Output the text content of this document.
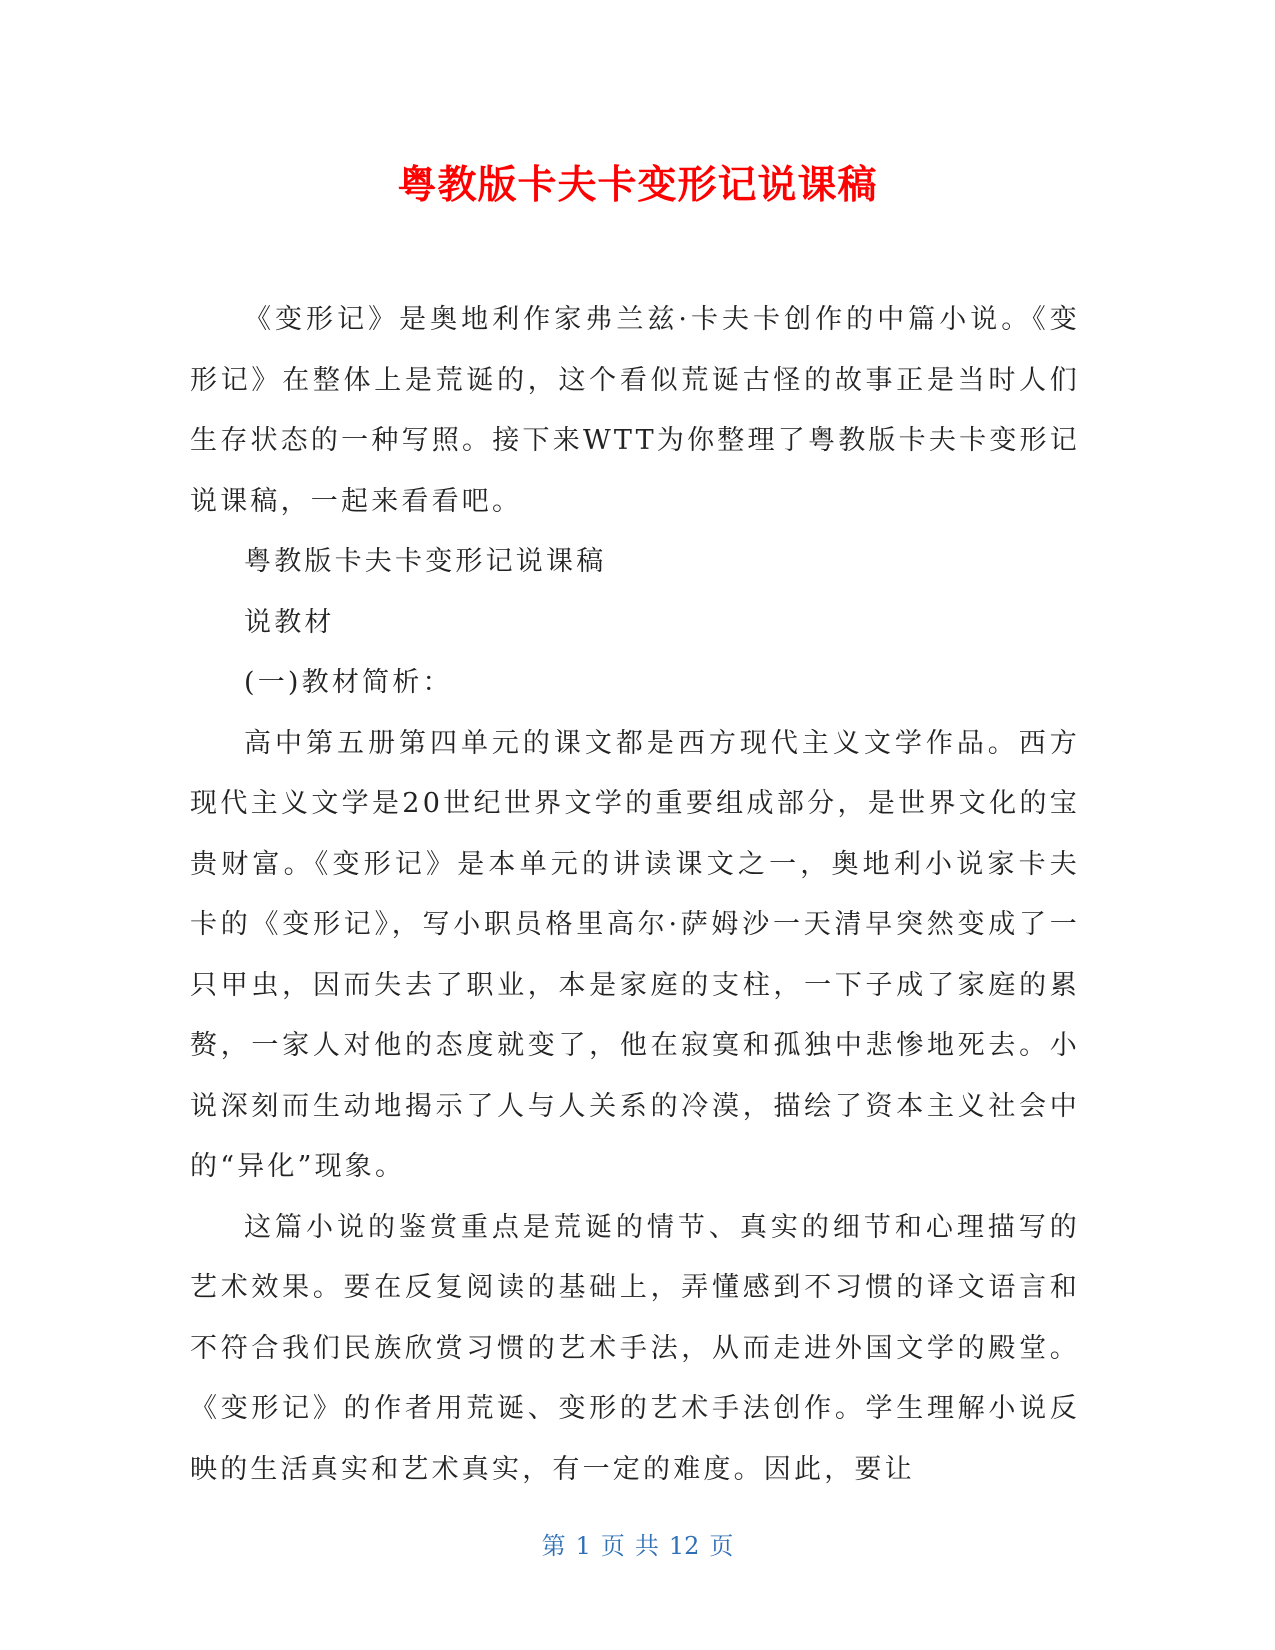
粤教版卡夫卡变形记说课稿

《变形记》是奥地利作家弗兰兹·卡夫卡创作的中篇小说。《变形记》在整体上是荒诞的，这个看似荒诞古怪的故事正是当时人们生存状态的一种写照。接下来WTT为你整理了粤教版卡夫卡变形记说课稿，一起来看看吧。

粤教版卡夫卡变形记说课稿

说教材

(一)教材简析：

高中第五册第四单元的课文都是西方现代主义文学作品。西方现代主义文学是20世纪世界文学的重要组成部分，是世界文化的宝贵财富。《变形记》是本单元的讲读课文之一，奥地利小说家卡夫卡的《变形记》，写小职员格里高尔·萨姆沙一天清早突然变成了一只甲虫，因而失去了职业，本是家庭的支柱，一下子成了家庭的累赘，一家人对他的态度就变了，他在寂寞和孤独中悲惨地死去。小说深刻而生动地揭示了人与人关系的冷漠，描绘了资本主义社会中的“异化”现象。

这篇小说的鉴赏重点是荒诞的情节、真实的细节和心理描写的艺术效果。要在反复阅读的基础上，弄懂感到不习惯的译文语言和不符合我们民族欣赏习惯的艺术手法，从而走进外国文学的殿堂。《变形记》的作者用荒诞、变形的艺术手法创作。学生理解小说反映的生活真实和艺术真实，有一定的难度。因此，要让

第 1 页 共 12 页
